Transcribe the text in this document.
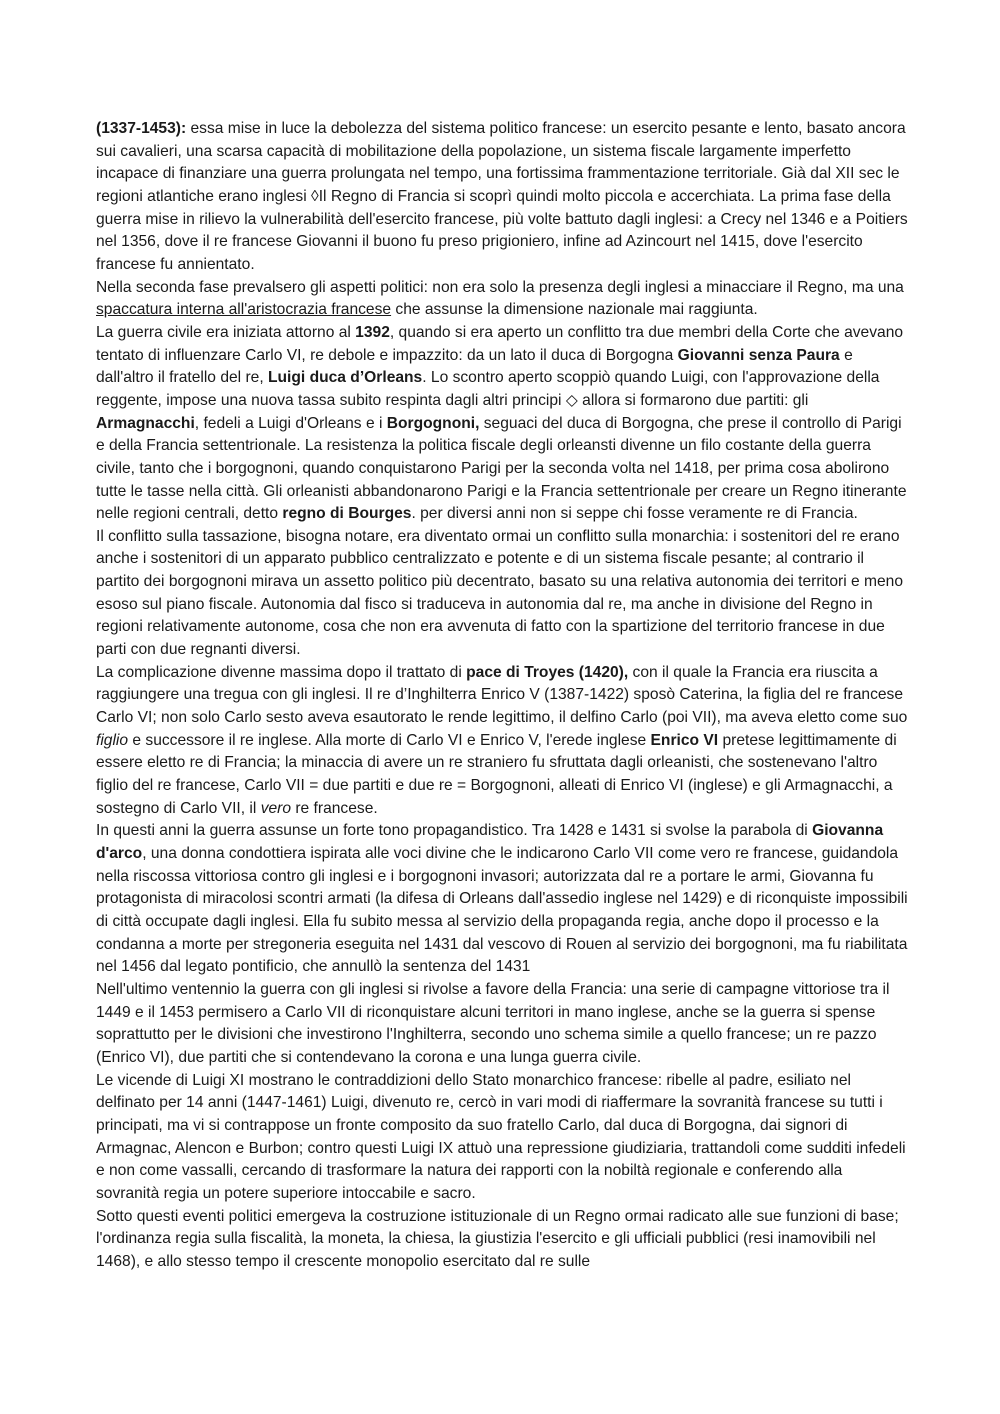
(1337-1453): essa mise in luce la debolezza del sistema politico francese: un esercito pesante e lento, basato ancora sui cavalieri, una scarsa capacità di mobilitazione della popolazione, un sistema fiscale largamente imperfetto incapace di finanziare una guerra prolungata nel tempo, una fortissima frammentazione territoriale. Già dal XII sec le regioni atlantiche erano inglesi ◊Il Regno di Francia si scoprì quindi molto piccola e accerchiata. La prima fase della guerra mise in rilievo la vulnerabilità dell'esercito francese, più volte battuto dagli inglesi: a Crecy nel 1346 e a Poitiers nel 1356, dove il re francese Giovanni il buono fu preso prigioniero, infine ad Azincourt nel 1415, dove l'esercito francese fu annientato.

Nella seconda fase prevalsero gli aspetti politici: non era solo la presenza degli inglesi a minacciare il Regno, ma una spaccatura interna all'aristocrazia francese che assunse la dimensione nazionale mai raggiunta.

La guerra civile era iniziata attorno al 1392, quando si era aperto un conflitto tra due membri della Corte che avevano tentato di influenzare Carlo VI, re debole e impazzito: da un lato il duca di Borgogna Giovanni senza Paura e dall'altro il fratello del re, Luigi duca d’Orleans. Lo scontro aperto scoppiò quando Luigi, con l'approvazione della reggente, impose una nuova tassa subito respinta dagli altri principi ◇ allora si formarono due partiti: gli Armagnacchi, fedeli a Luigi d'Orleans e i Borgognoni, seguaci del duca di Borgogna, che prese il controllo di Parigi e della Francia settentrionale. La resistenza la politica fiscale degli orleansti divenne un filo costante della guerra civile, tanto che i borgognoni, quando conquistarono Parigi per la seconda volta nel 1418, per prima cosa abolirono tutte le tasse nella città. Gli orleanisti abbandonarono Parigi e la Francia settentrionale per creare un Regno itinerante nelle regioni centrali, detto regno di Bourges. per diversi anni non si seppe chi fosse veramente re di Francia.

Il conflitto sulla tassazione, bisogna notare, era diventato ormai un conflitto sulla monarchia: i sostenitori del re erano anche i sostenitori di un apparato pubblico centralizzato e potente e di un sistema fiscale pesante; al contrario il partito dei borgognoni mirava un assetto politico più decentrato, basato su una relativa autonomia dei territori e meno esoso sul piano fiscale. Autonomia dal fisco si traduceva in autonomia dal re, ma anche in divisione del Regno in regioni relativamente autonome, cosa che non era avvenuta di fatto con la spartizione del territorio francese in due parti con due regnanti diversi.

La complicazione divenne massima dopo il trattato di pace di Troyes (1420), con il quale la Francia era riuscita a raggiungere una tregua con gli inglesi. Il re d’Inghilterra Enrico V (1387-1422) sposò Caterina, la figlia del re francese Carlo VI; non solo Carlo sesto aveva esautorato le rende legittimo, il delfino Carlo (poi VII), ma aveva eletto come suo figlio e successore il re inglese. Alla morte di Carlo VI e Enrico V, l'erede inglese Enrico VI pretese legittimamente di essere eletto re di Francia; la minaccia di avere un re straniero fu sfruttata dagli orleanisti, che sostenevano l'altro figlio del re francese, Carlo VII = due partiti e due re = Borgognoni, alleati di Enrico VI (inglese) e gli Armagnacchi, a sostegno di Carlo VII, il vero re francese.

In questi anni la guerra assunse un forte tono propagandistico. Tra 1428 e 1431 si svolse la parabola di Giovanna d'arco, una donna condottiera ispirata alle voci divine che le indicarono Carlo VII come vero re francese, guidandola nella riscossa vittoriosa contro gli inglesi e i borgognoni invasori; autorizzata dal re a portare le armi, Giovanna fu protagonista di miracolosi scontri armati (la difesa di Orleans dall'assedio inglese nel 1429) e di riconquiste impossibili di città occupate dagli inglesi. Ella fu subito messa al servizio della propaganda regia, anche dopo il processo e la condanna a morte per stregoneria eseguita nel 1431 dal vescovo di Rouen al servizio dei borgognoni, ma fu riabilitata nel 1456 dal legato pontificio, che annullò la sentenza del 1431

Nell'ultimo ventennio la guerra con gli inglesi si rivolse a favore della Francia: una serie di campagne vittoriose tra il 1449 e il 1453 permisero a Carlo VII di riconquistare alcuni territori in mano inglese, anche se la guerra si spense soprattutto per le divisioni che investirono l'Inghilterra, secondo uno schema simile a quello francese; un re pazzo (Enrico VI), due partiti che si contendevano la corona e una lunga guerra civile.

Le vicende di Luigi XI mostrano le contraddizioni dello Stato monarchico francese: ribelle al padre, esiliato nel delfinato per 14 anni (1447-1461) Luigi, divenuto re, cercò in vari modi di riaffermare la sovranità francese su tutti i principati, ma vi si contrappose un fronte composito da suo fratello Carlo, dal duca di Borgogna, dai signori di Armagnac, Alencon e Burbon; contro questi Luigi IX attuò una repressione giudiziaria, trattandoli come sudditi infedeli e non come vassalli, cercando di trasformare la natura dei rapporti con la nobiltà regionale e conferendo alla sovranità regia un potere superiore intoccabile e sacro.

Sotto questi eventi politici emergeva la costruzione istituzionale di un Regno ormai radicato alle sue funzioni di base; l'ordinanza regia sulla fiscalità, la moneta, la chiesa, la giustizia l'esercito e gli ufficiali pubblici (resi inamovibili nel 1468), e allo stesso tempo il crescente monopolio esercitato dal re sulle
